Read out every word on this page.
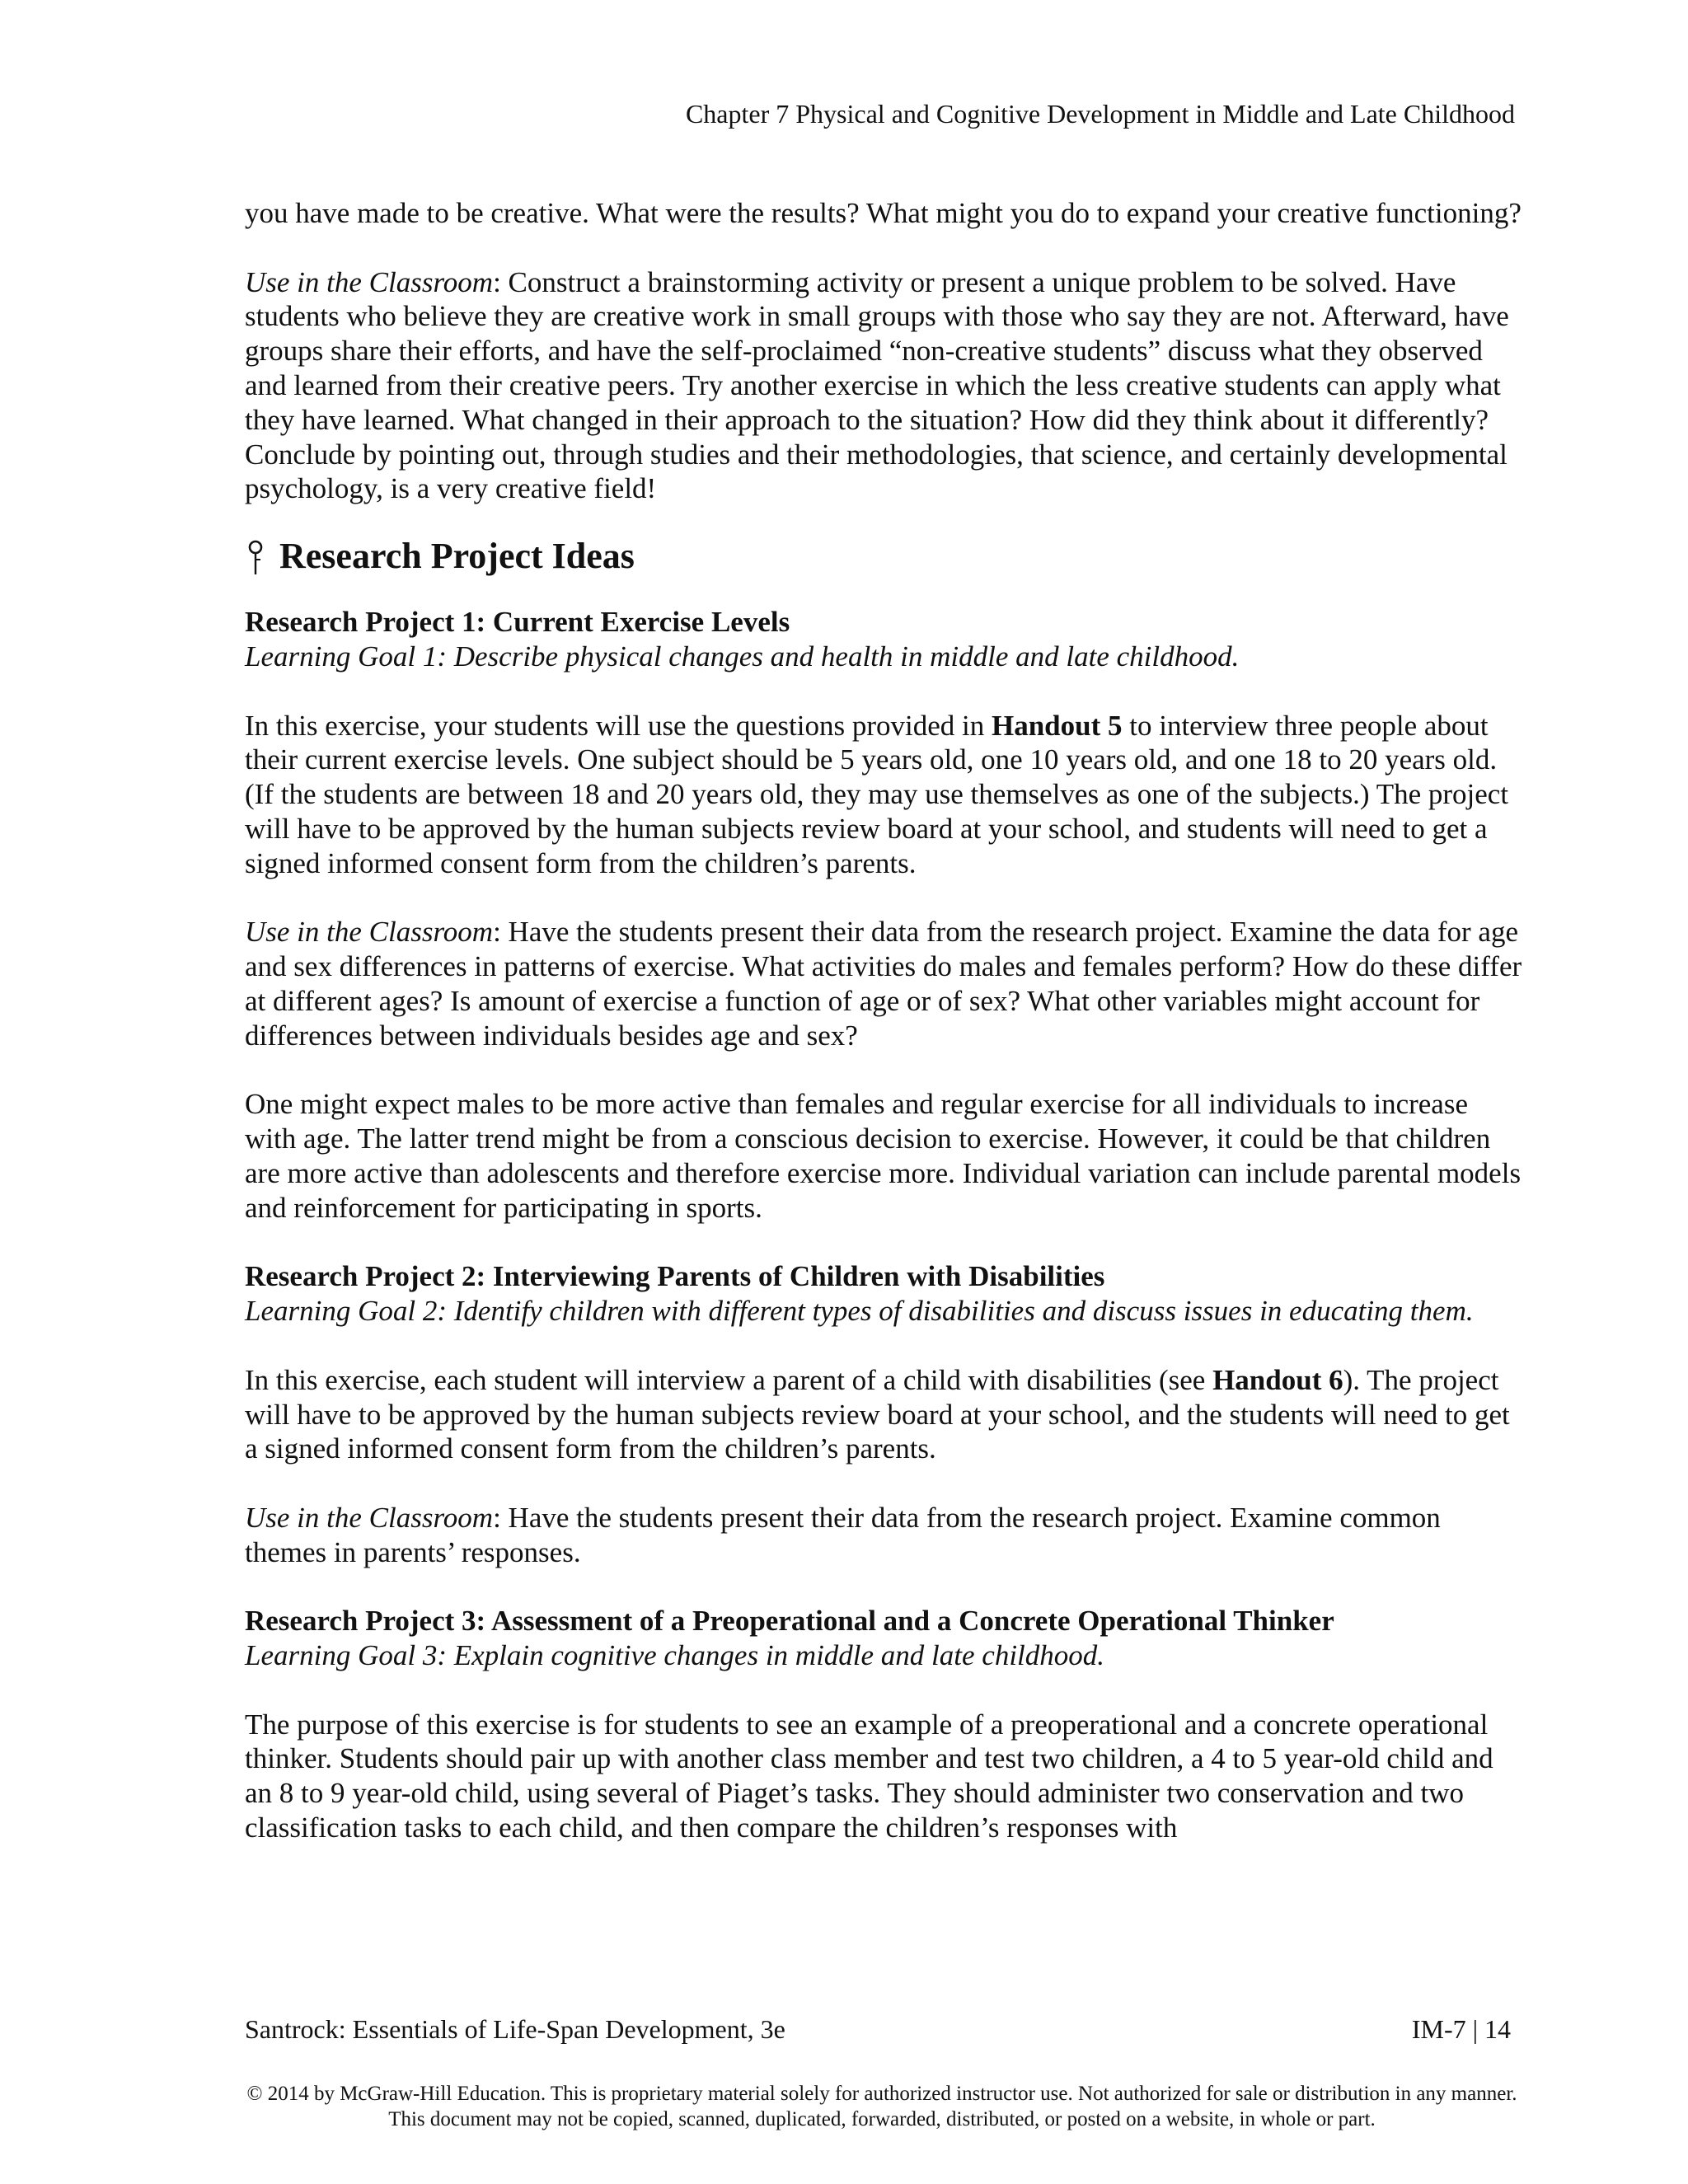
Chapter 7 Physical and Cognitive Development in Middle and Late Childhood

you have made to be creative. What were the results? What might you do to expand your creative functioning?

Use in the Classroom: Construct a brainstorming activity or present a unique problem to be solved. Have students who believe they are creative work in small groups with those who say they are not. Afterward, have groups share their efforts, and have the self-proclaimed “non-creative students” discuss what they observed and learned from their creative peers. Try another exercise in which the less creative students can apply what they have learned. What changed in their approach to the situation? How did they think about it differently? Conclude by pointing out, through studies and their methodologies, that science, and certainly developmental psychology, is a very creative field!

Research Project Ideas

Research Project 1: Current Exercise Levels

Learning Goal 1: Describe physical changes and health in middle and late childhood.

In this exercise, your students will use the questions provided in Handout 5 to interview three people about their current exercise levels. One subject should be 5 years old, one 10 years old, and one 18 to 20 years old. (If the students are between 18 and 20 years old, they may use themselves as one of the subjects.) The project will have to be approved by the human subjects review board at your school, and students will need to get a signed informed consent form from the children’s parents.

Use in the Classroom: Have the students present their data from the research project. Examine the data for age and sex differences in patterns of exercise. What activities do males and females perform? How do these differ at different ages? Is amount of exercise a function of age or of sex? What other variables might account for differences between individuals besides age and sex?

One might expect males to be more active than females and regular exercise for all individuals to increase with age. The latter trend might be from a conscious decision to exercise. However, it could be that children are more active than adolescents and therefore exercise more. Individual variation can include parental models and reinforcement for participating in sports.

Research Project 2: Interviewing Parents of Children with Disabilities

Learning Goal 2: Identify children with different types of disabilities and discuss issues in educating them.

In this exercise, each student will interview a parent of a child with disabilities (see Handout 6). The project will have to be approved by the human subjects review board at your school, and the students will need to get a signed informed consent form from the children’s parents.

Use in the Classroom: Have the students present their data from the research project. Examine common themes in parents’ responses.

Research Project 3: Assessment of a Preoperational and a Concrete Operational Thinker

Learning Goal 3: Explain cognitive changes in middle and late childhood.

The purpose of this exercise is for students to see an example of a preoperational and a concrete operational thinker. Students should pair up with another class member and test two children, a 4 to 5 year-old child and an 8 to 9 year-old child, using several of Piaget’s tasks. They should administer two conservation and two classification tasks to each child, and then compare the children’s responses with

Santrock: Essentials of Life-Span Development, 3e	IM-7 | 14
© 2014 by McGraw-Hill Education. This is proprietary material solely for authorized instructor use. Not authorized for sale or distribution in any manner. This document may not be copied, scanned, duplicated, forwarded, distributed, or posted on a website, in whole or part.
